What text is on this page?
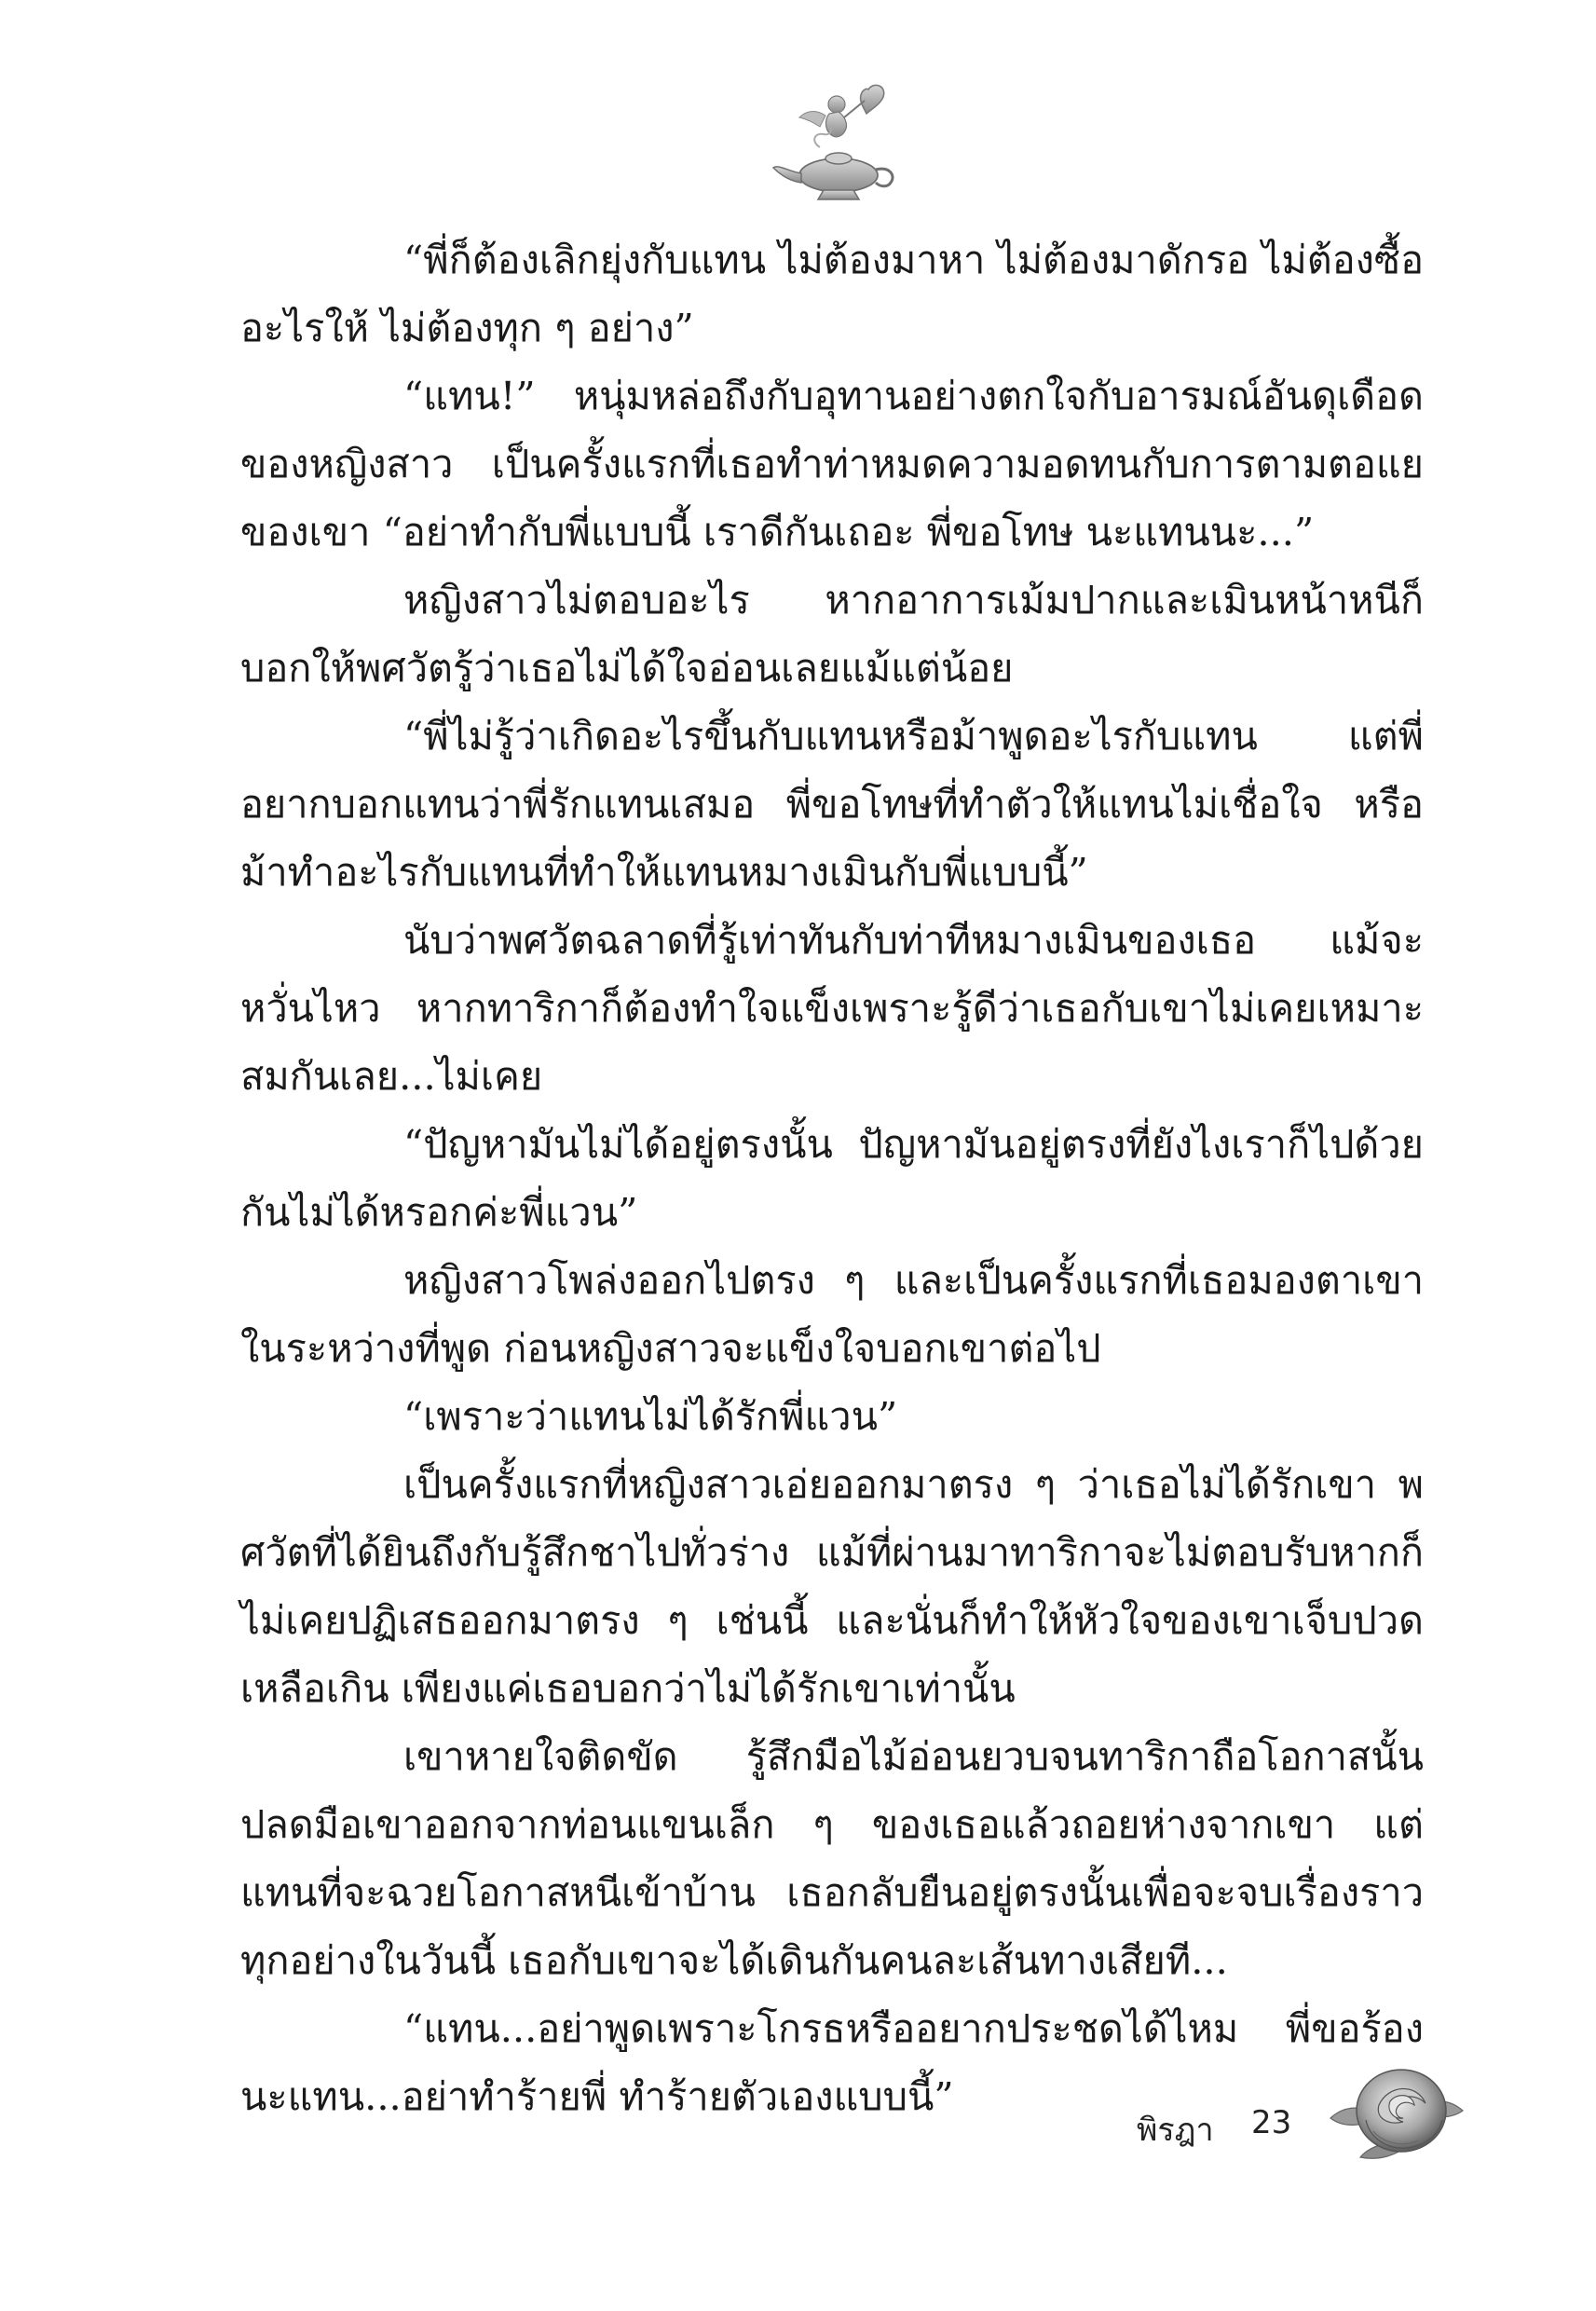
“พี่ก็ต้องเลิกยุ่งกับแทน ไม่ต้องมาหา ไม่ต้องมาดักรอ ไม่ต้องซื้ออะไรให้ ไม่ต้องทุก ๆ อย่าง”

“แทน!” หนุ่มหล่อถึงกับอุทานอย่างตกใจกับอารมณ์อันดุเดือดของหญิงสาว เป็นครั้งแรกที่เธอทำท่าหมดความอดทนกับการตามตอแยของเขา “อย่าทำกับพี่แบบนี้ เราดีกันเถอะ พี่ขอโทษ นะแทนนะ...”

หญิงสาวไม่ตอบอะไร หากอาการเม้มปากและเมินหน้าหนีก็บอกให้พศวัตรู้ว่าเธอไม่ได้ใจอ่อนเลยแม้แต่น้อย

“พี่ไม่รู้ว่าเกิดอะไรขึ้นกับแทนหรือม้าพูดอะไรกับแทน แต่พี่อยากบอกแทนว่าพี่รักแทนเสมอ พี่ขอโทษที่ทำตัวให้แทนไม่เชื่อใจ หรือม้าทำอะไรกับแทนที่ทำให้แทนหมางเมินกับพี่แบบนี้”

นับว่าพศวัตฉลาดที่รู้เท่าทันกับท่าทีหมางเมินของเธอ แม้จะหวั่นไหว หากทาริกาก็ต้องทำใจแข็งเพราะรู้ดีว่าเธอกับเขาไม่เคยเหมาะสมกันเลย...ไม่เคย

“ปัญหามันไม่ได้อยู่ตรงนั้น ปัญหามันอยู่ตรงที่ยังไงเราก็ไปด้วยกันไม่ได้หรอกค่ะพี่แวน”

หญิงสาวโพล่งออกไปตรง ๆ และเป็นครั้งแรกที่เธอมองตาเขาในระหว่างที่พูด ก่อนหญิงสาวจะแข็งใจบอกเขาต่อไป

“เพราะว่าแทนไม่ได้รักพี่แวน”

เป็นครั้งแรกที่หญิงสาวเอ่ยออกมาตรง ๆ ว่าเธอไม่ได้รักเขา พศวัตที่ได้ยินถึงกับรู้สึกชาไปทั่วร่าง แม้ที่ผ่านมาทาริกาจะไม่ตอบรับหากก็ไม่เคยปฏิเสธออกมาตรง ๆ เช่นนี้ และนั่นก็ทำให้หัวใจของเขาเจ็บปวดเหลือเกิน เพียงแค่เธอบอกว่าไม่ได้รักเขาเท่านั้น

เขาหายใจติดขัด รู้สึกมือไม้อ่อนยวบจนทาริกาถือโอกาสนั้นปลดมือเขาออกจากท่อนแขนเล็ก ๆ ของเธอแล้วถอยห่างจากเขา แต่แทนที่จะฉวยโอกาสหนีเข้าบ้าน เธอกลับยืนอยู่ตรงนั้นเพื่อจะจบเรื่องราวทุกอย่างในวันนี้ เธอกับเขาจะได้เดินกันคนละเส้นทางเสียที...

“แทน...อย่าพูดเพราะโกรธหรืออยากประชดได้ไหม พี่ขอร้องนะแทน...อย่าทำร้ายพี่ ทำร้ายตัวเองแบบนี้”

พิรฎา 23
